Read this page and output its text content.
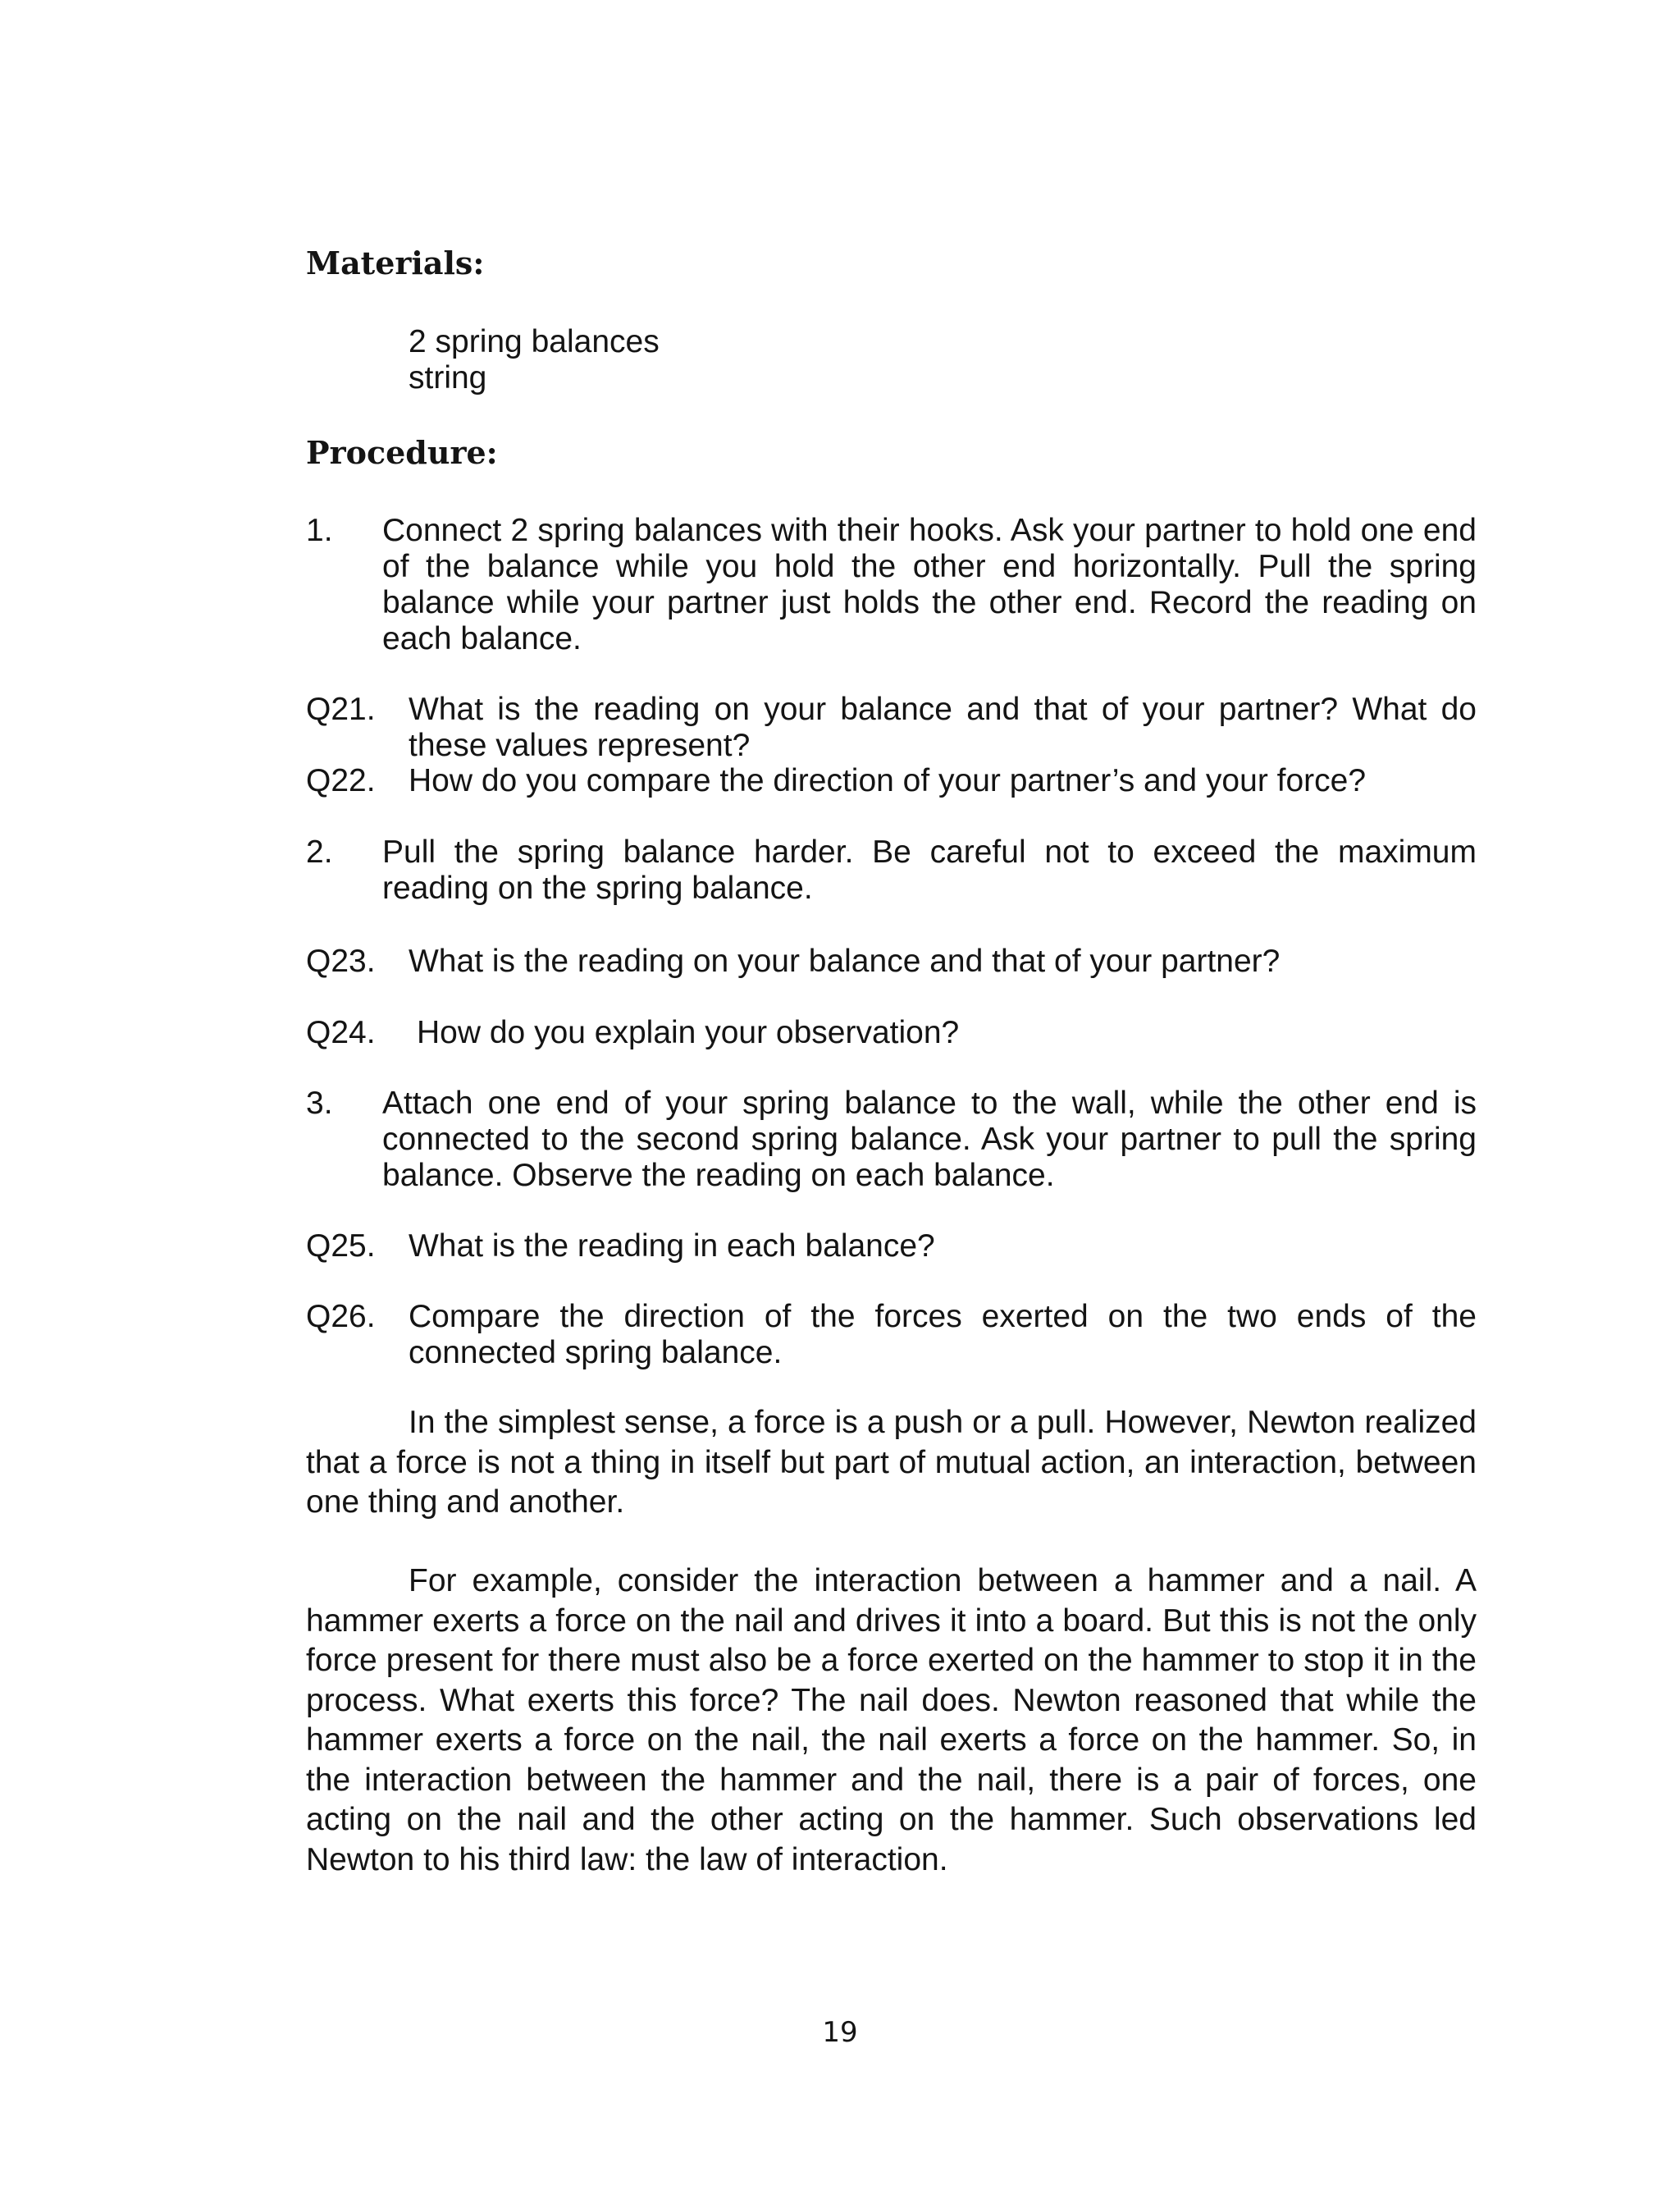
Materials:

2 spring balances

string

Procedure:
1. Connect 2 spring balances with their hooks. Ask your partner to hold one end of the balance while you hold the other end horizontally. Pull the spring balance while your partner just holds the other end. Record the reading on each balance.

Q21. What is the reading on your balance and that of your partner? What do these values represent?

Q22. How do you compare the direction of your partner’s and your force?

2. Pull the spring balance harder. Be careful not to exceed the maximum reading on the spring balance.

Q23. What is the reading on your balance and that of your partner?

Q24. How do you explain your observation?

3. Attach one end of your spring balance to the wall, while the other end is connected to the second spring balance. Ask your partner to pull the spring balance. Observe the reading on each balance.

Q25. What is the reading in each balance?

Q26. Compare the direction of the forces exerted on the two ends of the connected spring balance.

In the simplest sense, a force is a push or a pull. However, Newton realized that a force is not a thing in itself but part of mutual action, an interaction, between one thing and another.

For example, consider the interaction between a hammer and a nail. A hammer exerts a force on the nail and drives it into a board. But this is not the only force present for there must also be a force exerted on the hammer to stop it in the process. What exerts this force? The nail does. Newton reasoned that while the hammer exerts a force on the nail, the nail exerts a force on the hammer. So, in the interaction between the hammer and the nail, there is a pair of forces, one acting on the nail and the other acting on the hammer. Such observations led Newton to his third law: the law of interaction.

19
